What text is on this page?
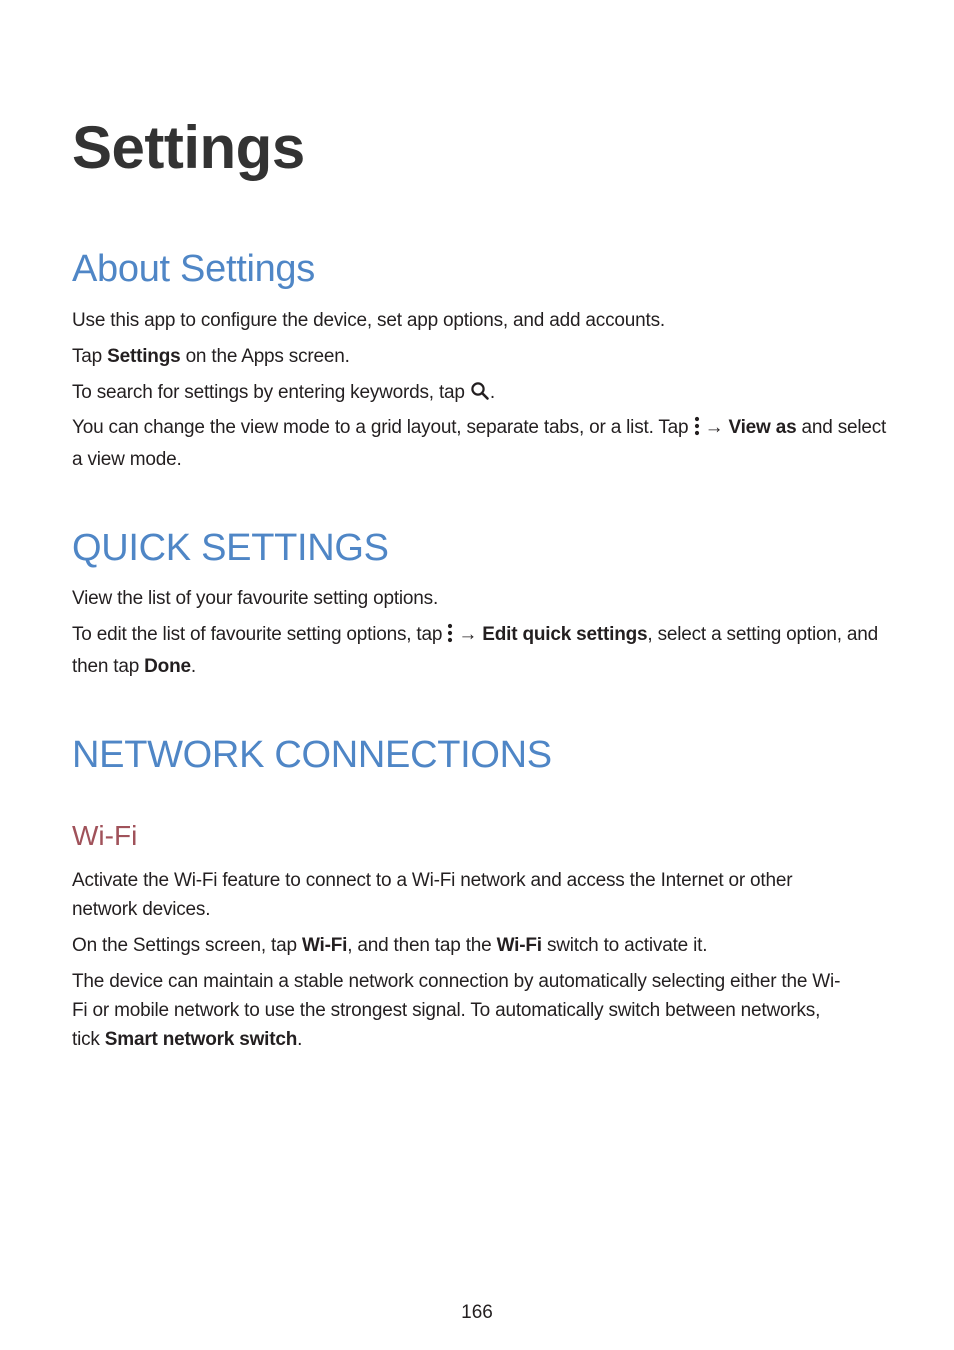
Settings
About Settings

Use this app to configure the device, set app options, and add accounts.

Tap Settings on the Apps screen.

To search for settings by entering keywords, tap .

You can change the view mode to a grid layout, separate tabs, or a list. Tap  → View as and select a view mode.

QUICK SETTINGS

View the list of your favourite setting options.

To edit the list of favourite setting options, tap  → Edit quick settings, select a setting option, and then tap Done.

NETWORK CONNECTIONS
Wi-Fi

Activate the Wi-Fi feature to connect to a Wi-Fi network and access the Internet or other network devices.

On the Settings screen, tap Wi-Fi, and then tap the Wi-Fi switch to activate it.

The device can maintain a stable network connection by automatically selecting either the Wi-Fi or mobile network to use the strongest signal. To automatically switch between networks, tick Smart network switch.

166
